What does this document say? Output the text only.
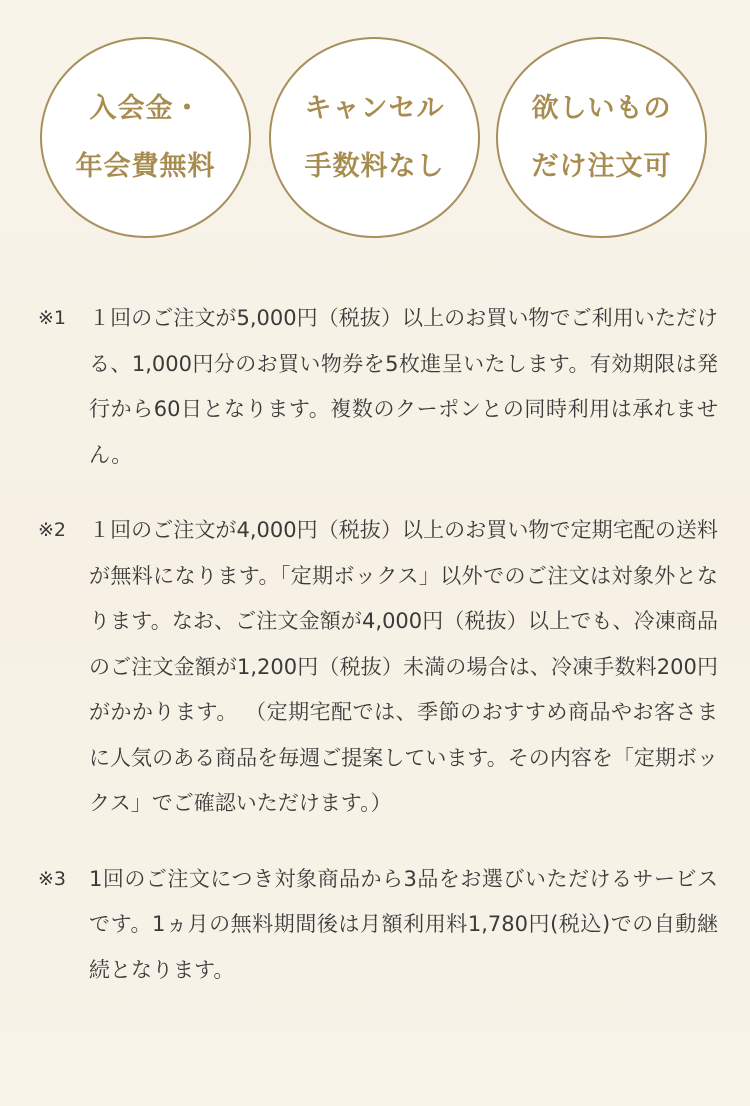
入会金・
年会費無料
キャンセル
手数料なし
欲しいもの
だけ注文可
※1 １回のご注文が5,000円（税抜）以上のお買い物でご利用いただける、1,000円分のお買い物券を5枚進呈いたします。有効期限は発行から60日となります。複数のクーポンとの同時利用は承れません。
※2 １回のご注文が4,000円（税抜）以上のお買い物で定期宅配の送料が無料になります。「定期ボックス」以外でのご注文は対象外となります。なお、ご注文金額が4,000円（税抜）以上でも、冷凍商品のご注文金額が1,200円（税抜）未満の場合は、冷凍手数料200円がかかります。 （定期宅配では、季節のおすすめ商品やお客さまに人気のある商品を毎週ご提案しています。その内容を「定期ボックス」でご確認いただけます。）
※3 1回のご注文につき対象商品から3品をお選びいただけるサービスです。1ヵ月の無料期間後は月額利用料1,780円(税込)での自動継続となります。
